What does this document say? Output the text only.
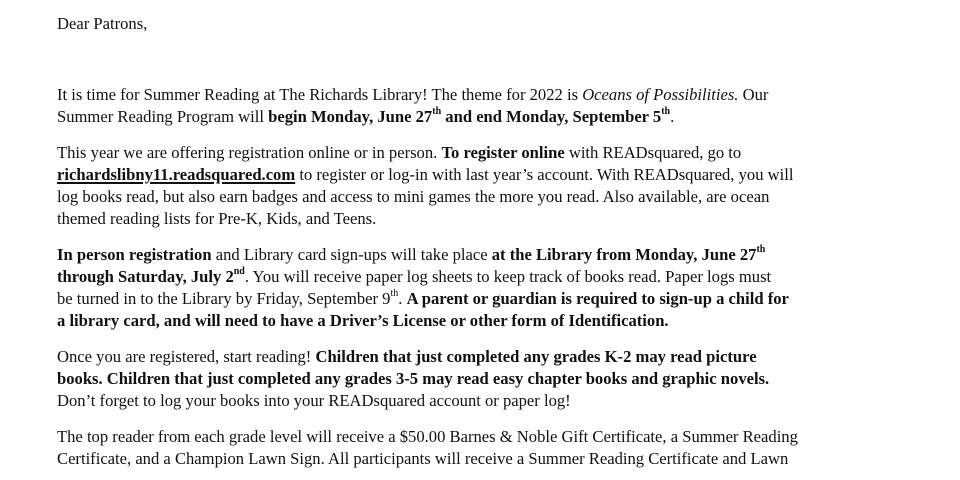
Dear Patrons,
It is time for Summer Reading at The Richards Library! The theme for 2022 is Oceans of Possibilities. Our
Summer Reading Program will begin Monday, June 27th and end Monday, September 5th.
This year we are offering registration online or in person. To register online with READsquared, go to
richardslibny11.readsquared.com to register or log-in with last year’s account. With READsquared, you will
log books read, but also earn badges and access to mini games the more you read. Also available, are ocean
themed reading lists for Pre-K, Kids, and Teens.
In person registration and Library card sign-ups will take place at the Library from Monday, June 27th
through Saturday, July 2nd. You will receive paper log sheets to keep track of books read. Paper logs must
be turned in to the Library by Friday, September 9th. A parent or guardian is required to sign-up a child for
a library card, and will need to have a Driver’s License or other form of Identification.
Once you are registered, start reading! Children that just completed any grades K-2 may read picture
books. Children that just completed any grades 3-5 may read easy chapter books and graphic novels.
Don’t forget to log your books into your READsquared account or paper log!
The top reader from each grade level will receive a $50.00 Barnes & Noble Gift Certificate, a Summer Reading
Certificate, and a Champion Lawn Sign. All participants will receive a Summer Reading Certificate and Lawn
